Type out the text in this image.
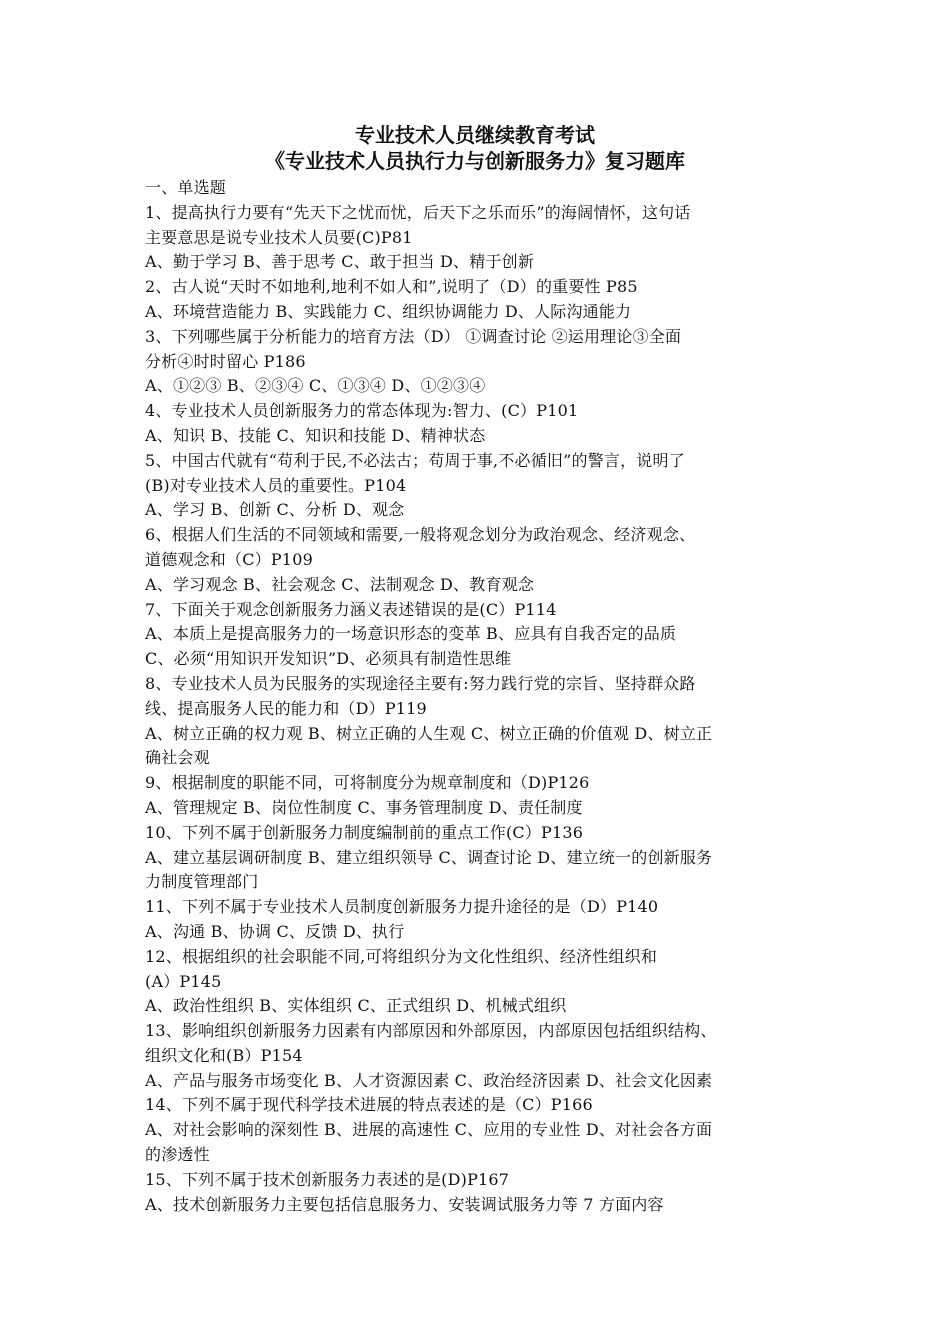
专业技术人员继续教育考试
《专业技术人员执行力与创新服务力》复习题库
一、单选题
1、提高执行力要有“先天下之忧而忧，后天下之乐而乐”的海阔情怀，这句话
主要意思是说专业技术人员要(C)P81
A、勤于学习 B、善于思考 C、敢于担当 D、精于创新
2、古人说“天时不如地利,地利不如人和”,说明了（D）的重要性 P85
A、环境营造能力 B、实践能力 C、组织协调能力 D、人际沟通能力
3、下列哪些属于分析能力的培育方法（D） ①调查讨论 ②运用理论③全面
分析④时时留心 P186
A、①②③ B、②③④ C、①③④ D、①②③④
4、专业技术人员创新服务力的常态体现为:智力、(C）P101
A、知识 B、技能 C、知识和技能 D、精神状态
5、中国古代就有“苟利于民,不必法古；苟周于事,不必循旧”的警言，说明了
(B)对专业技术人员的重要性。P104
A、学习 B、创新 C、分析 D、观念
6、根据人们生活的不同领域和需要,一般将观念划分为政治观念、经济观念、
道德观念和（C）P109
A、学习观念 B、社会观念 C、法制观念 D、教育观念
7、下面关于观念创新服务力涵义表述错误的是(C）P114
A、本质上是提高服务力的一场意识形态的变革 B、应具有自我否定的品质
C、必须“用知识开发知识”D、必须具有制造性思维
8、专业技术人员为民服务的实现途径主要有:努力践行党的宗旨、坚持群众路
线、提高服务人民的能力和（D）P119
A、树立正确的权力观 B、树立正确的人生观 C、树立正确的价值观 D、树立正
确社会观
9、根据制度的职能不同，可将制度分为规章制度和（D)P126
A、管理规定 B、岗位性制度 C、事务管理制度 D、责任制度
10、下列不属于创新服务力制度编制前的重点工作(C）P136
A、建立基层调研制度 B、建立组织领导 C、调查讨论 D、建立统一的创新服务
力制度管理部门
11、下列不属于专业技术人员制度创新服务力提升途径的是（D）P140
A、沟通 B、协调 C、反馈 D、执行
12、根据组织的社会职能不同,可将组织分为文化性组织、经济性组织和
(A）P145
A、政治性组织 B、实体组织 C、正式组织 D、机械式组织
13、影响组织创新服务力因素有内部原因和外部原因，内部原因包括组织结构、
组织文化和(B）P154
A、产品与服务市场变化 B、人才资源因素 C、政治经济因素 D、社会文化因素
14、下列不属于现代科学技术进展的特点表述的是（C）P166
A、对社会影响的深刻性 B、进展的高速性 C、应用的专业性 D、对社会各方面
的渗透性
15、下列不属于技术创新服务力表述的是(D)P167
A、技术创新服务力主要包括信息服务力、安装调试服务力等 7 方面内容
